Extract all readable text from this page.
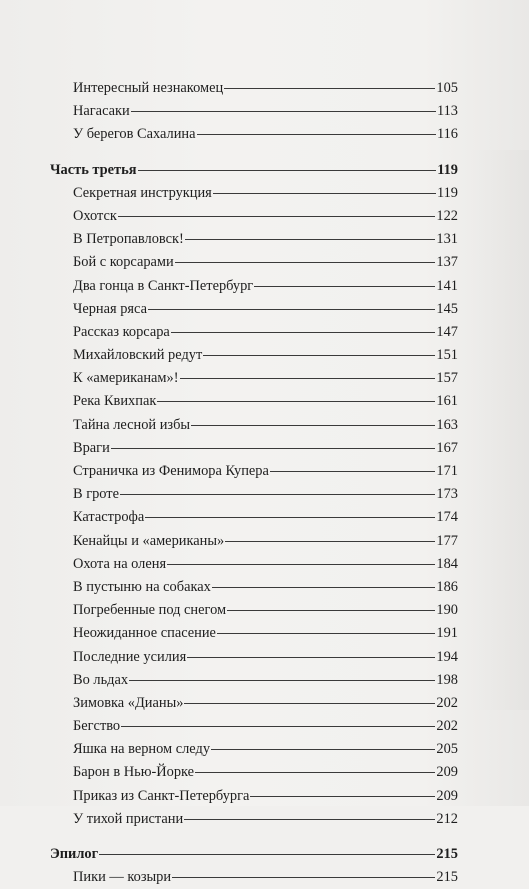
Интересный незнакомец	105
Нагасаки	113
У берегов Сахалина	116
Часть третья	119
Секретная инструкция	119
Охотск	122
В Петропавловск!	131
Бой с корсарами	137
Два гонца в Санкт-Петербург	141
Черная ряса	145
Рассказ корсара	147
Михайловский редут	151
К «американам»!	157
Река Квихпак	161
Тайна лесной избы	163
Враги	167
Страничка из Фенимора Купера	171
В гроте	173
Катастрофа	174
Кенайцы и «американы»	177
Охота на оленя	184
В пустыню на собаках	186
Погребенные под снегом	190
Неожиданное спасение	191
Последние усилия	194
Во льдах	198
Зимовка «Дианы»	202
Бегство	202
Яшка на верном следу	205
Барон в Нью-Йорке	209
Приказ из Санкт-Петербурга	209
У тихой пристани	212
Эпилог	215
Пики — козыри	215
